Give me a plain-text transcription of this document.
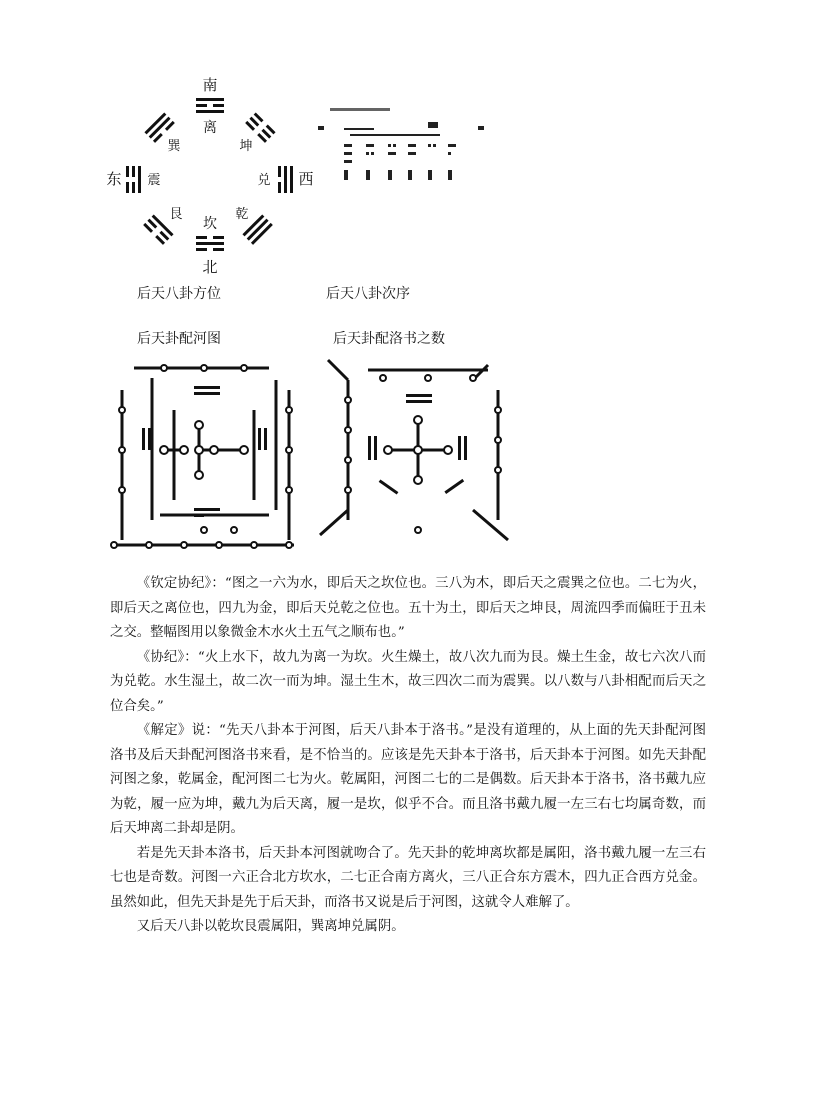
南
离
巽	坤
东 震	兑 西
艮	乾
坎
北
后天八卦方位	后天八卦次序
后天卦配河图	后天卦配洛书之数

《钦定协纪》：“图之一六为水，即后天之坎位也。三八为木，即后天之震巽之位也。二七为火，即后天之离位也，四九为金，即后天兑乾之位也。五十为土，即后天之坤艮，周流四季而偏旺于丑未之交。整幅图用以象微金木水火土五气之顺布也。”

《协纪》：“火上水下，故九为离一为坎。火生燥土，故八次九而为艮。燥土生金，故七六次八而为兑乾。水生湿土，故二次一而为坤。湿土生木，故三四次二而为震巽。以八数与八卦相配而后天之位合矣。”

《解定》说：“先天八卦本于河图，后天八卦本于洛书。”是没有道理的，从上面的先天卦配河图洛书及后天卦配河图洛书来看，是不恰当的。应该是先天卦本于洛书，后天卦本于河图。如先天卦配河图之象，乾属金，配河图二七为火。乾属阳，河图二七的二是偶数。后天卦本于洛书，洛书戴九应为乾，履一应为坤，戴九为后天离，履一是坎，似乎不合。而且洛书戴九履一左三右七均属奇数，而后天坤离二卦却是阴。

若是先天卦本洛书，后天卦本河图就吻合了。先天卦的乾坤离坎都是属阳，洛书戴九履一左三右七也是奇数。河图一六正合北方坎水，二七正合南方离火，三八正合东方震木，四九正合西方兑金。虽然如此，但先天卦是先于后天卦，而洛书又说是后于河图，这就令人难解了。

又后天八卦以乾坎艮震属阳，巽离坤兑属阴。
